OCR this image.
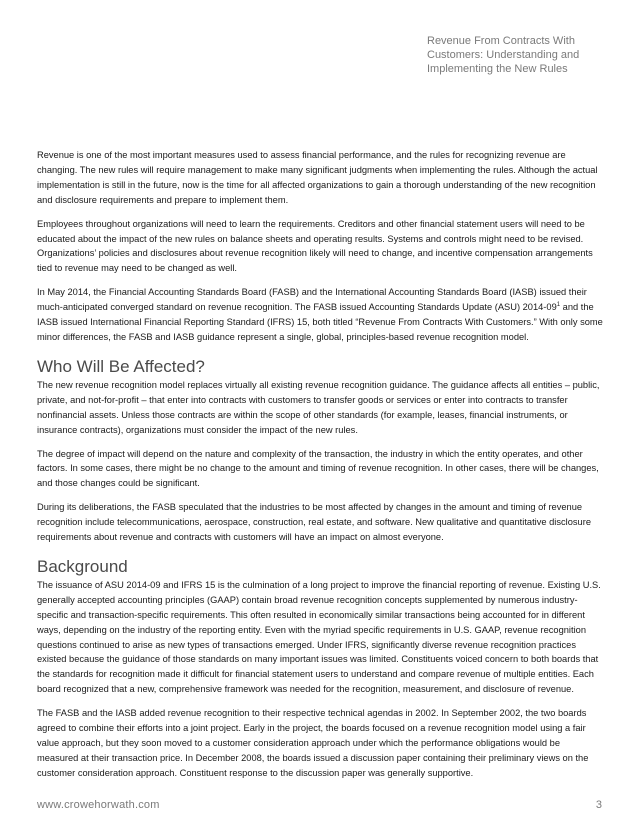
Revenue From Contracts With Customers: Understanding and Implementing the New Rules

Revenue is one of the most important measures used to assess financial performance, and the rules for recognizing revenue are changing. The new rules will require management to make many significant judgments when implementing the rules. Although the actual implementation is still in the future, now is the time for all affected organizations to gain a thorough understanding of the new recognition and disclosure requirements and prepare to implement them.

Employees throughout organizations will need to learn the requirements. Creditors and other financial statement users will need to be educated about the impact of the new rules on balance sheets and operating results. Systems and controls might need to be revised. Organizations’ policies and disclosures about revenue recognition likely will need to change, and incentive compensation arrangements tied to revenue may need to be changed as well.

In May 2014, the Financial Accounting Standards Board (FASB) and the International Accounting Standards Board (IASB) issued their much-anticipated converged standard on revenue recognition. The FASB issued Accounting Standards Update (ASU) $2014-09^1$ and the IASB issued International Financial Reporting Standard (IFRS) 15, both titled “Revenue From Contracts With Customers.” With only some minor differences, the FASB and IASB guidance represent a single, global, principles-based revenue recognition model.

Who Will Be Affected?

The new revenue recognition model replaces virtually all existing revenue recognition guidance. The guidance affects all entities – public, private, and not-for-profit – that enter into contracts with customers to transfer goods or services or enter into contracts to transfer nonfinancial assets. Unless those contracts are within the scope of other standards (for example, leases, financial instruments, or insurance contracts), organizations must consider the impact of the new rules.

The degree of impact will depend on the nature and complexity of the transaction, the industry in which the entity operates, and other factors. In some cases, there might be no change to the amount and timing of revenue recognition. In other cases, there will be changes, and those changes could be significant.

During its deliberations, the FASB speculated that the industries to be most affected by changes in the amount and timing of revenue recognition include telecommunications, aerospace, construction, real estate, and software. New qualitative and quantitative disclosure requirements about revenue and contracts with customers will have an impact on almost everyone.

Background

The issuance of ASU 2014-09 and IFRS 15 is the culmination of a long project to improve the financial reporting of revenue. Existing U.S. generally accepted accounting principles (GAAP) contain broad revenue recognition concepts supplemented by numerous industry-specific and transaction-specific requirements. This often resulted in economically similar transactions being accounted for in different ways, depending on the industry of the reporting entity. Even with the myriad specific requirements in U.S. GAAP, revenue recognition questions continued to arise as new types of transactions emerged. Under IFRS, significantly diverse revenue recognition practices existed because the guidance of those standards on many important issues was limited. Constituents voiced concern to both boards that the standards for recognition made it difficult for financial statement users to understand and compare revenue of multiple entities. Each board recognized that a new, comprehensive framework was needed for the recognition, measurement, and disclosure of revenue.

The FASB and the IASB added revenue recognition to their respective technical agendas in 2002. In September 2002, the two boards agreed to combine their efforts into a joint project. Early in the project, the boards focused on a revenue recognition model using a fair value approach, but they soon moved to a customer consideration approach under which the performance obligations would be measured at their transaction price. In December 2008, the boards issued a discussion paper containing their preliminary views on the customer consideration approach. Constituent response to the discussion paper was generally supportive.

www.crowehorwath.com	3
